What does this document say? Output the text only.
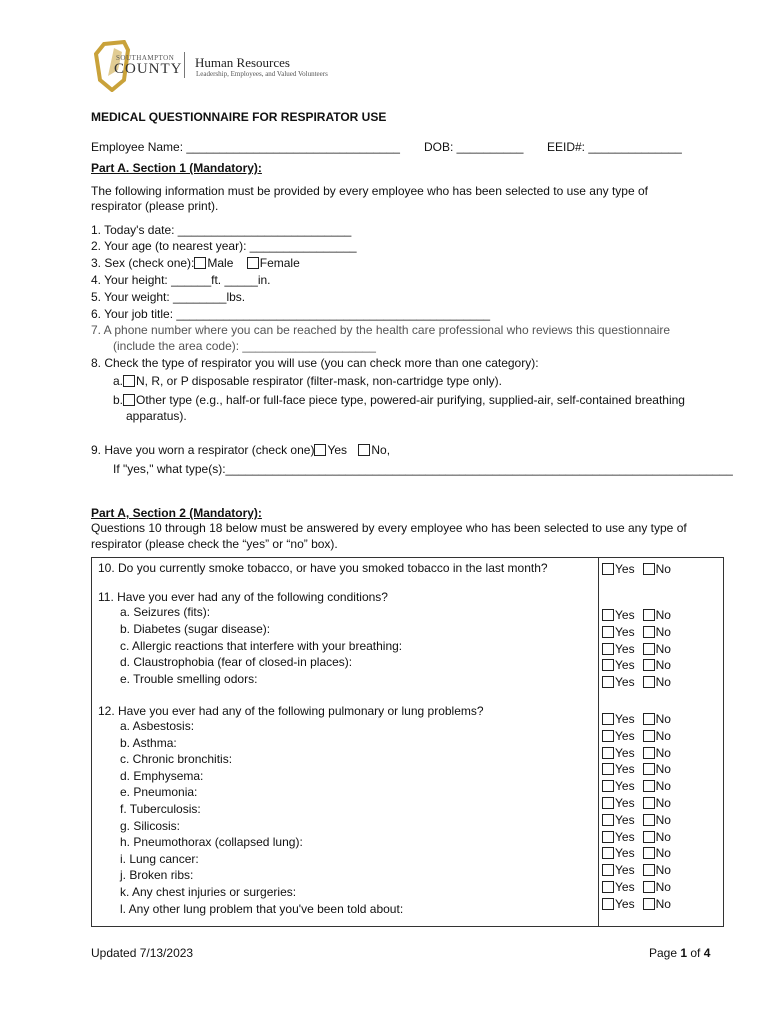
SOUTHAMPTON
COUNTY Human Resources
Leadership, Employees, and Valued Volunteers
MEDICAL QUESTIONNAIRE FOR RESPIRATOR USE
Employee Name: ________________________________ DOB: __________ EEID#: ______________
Part A. Section 1 (Mandatory):
The following information must be provided by every employee who has been selected to use any type of
respirator (please print).
1. Today's date: __________________________
2. Your age (to nearest year): ________________
3. Sex (check one): Male Female
4. Your height: ______ft. _____in.
5. Your weight: ________lbs.
6. Your job title: _______________________________________________
7. A phone number where you can be reached by the health care professional who reviews this questionnaire
(include the area code): ____________________
8. Check the type of respirator you will use (you can check more than one category):
a. N, R, or P disposable respirator (filter-mask, non-cartridge type only).
b. Other type (e.g., half-or full-face piece type, powered-air purifying, supplied-air, self-contained breathing
apparatus).
9. Have you worn a respirator (check one) Yes No,
If "yes," what type(s):____________________________________________________________________________
Part A, Section 2 (Mandatory):
Questions 10 through 18 below must be answered by every employee who has been selected to use any type of
respirator (please check the “yes” or “no” box).
10. Do you currently smoke tobacco, or have you smoked tobacco in the last month?
11. Have you ever had any of the following conditions?
12. Have you ever had any of the following pulmonary or lung problems?
a. Seizures (fits):
b. Diabetes (sugar disease):
c. Allergic reactions that interfere with your breathing:
d. Claustrophobia (fear of closed-in places):
e. Trouble smelling odors:
a. Asbestosis:
b. Asthma:
c. Chronic bronchitis:
d. Emphysema:
e. Pneumonia:
f. Tuberculosis:
g. Silicosis:
h. Pneumothorax (collapsed lung):
i. Lung cancer:
j. Broken ribs:
k. Any chest injuries or surgeries:
l. Any other lung problem that you've been told about:
Yes No
Yes No
Yes No
Yes No
Yes No
Yes No
Yes No
Yes No
Yes No
Yes No
Yes No
Yes No
Yes No
Yes No
Yes No
Yes No
Yes No
Yes No
Updated 7/13/2023	Page 1 of 4
